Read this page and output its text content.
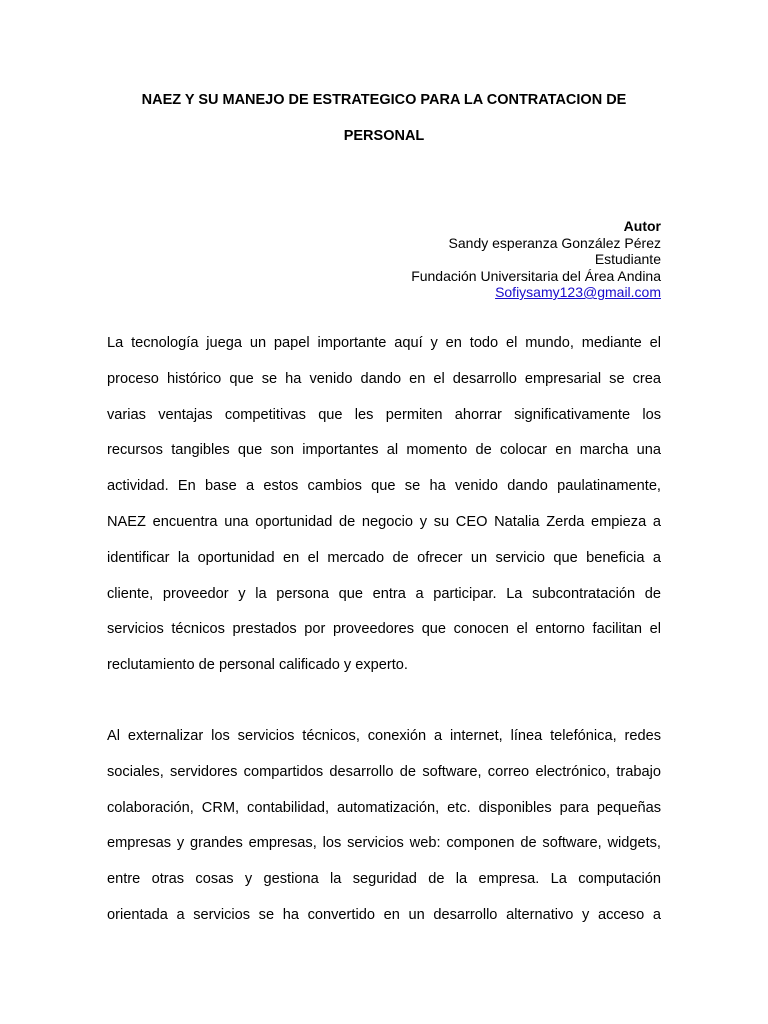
NAEZ Y SU MANEJO DE ESTRATEGICO PARA LA CONTRATACION DE

PERSONAL

Autor
Sandy esperanza González Pérez
Estudiante
Fundación Universitaria del Área Andina
Sofiysamy123@gmail.com
La tecnología juega un papel importante aquí y en todo el mundo, mediante el
proceso histórico que se ha venido dando en el desarrollo empresarial se crea
varias ventajas competitivas que les permiten ahorrar significativamente los
recursos tangibles que son importantes al momento de colocar en marcha una
actividad. En base a estos cambios que se ha venido dando paulatinamente,
NAEZ encuentra una oportunidad de negocio y su CEO Natalia Zerda empieza a
identificar la oportunidad en el mercado de ofrecer un servicio que beneficia a
cliente, proveedor y la persona que entra a participar. La subcontratación de
servicios técnicos prestados por proveedores que conocen el entorno facilitan el
reclutamiento de personal calificado y experto.
Al externalizar los servicios técnicos, conexión a internet, línea telefónica, redes
sociales, servidores compartidos desarrollo de software, correo electrónico, trabajo
colaboración, CRM, contabilidad, automatización, etc. disponibles para pequeñas
empresas y grandes empresas, los servicios web: componen de software, widgets,
entre otras cosas y gestiona la seguridad de la empresa. La computación
orientada a servicios se ha convertido en un desarrollo alternativo y acceso a
